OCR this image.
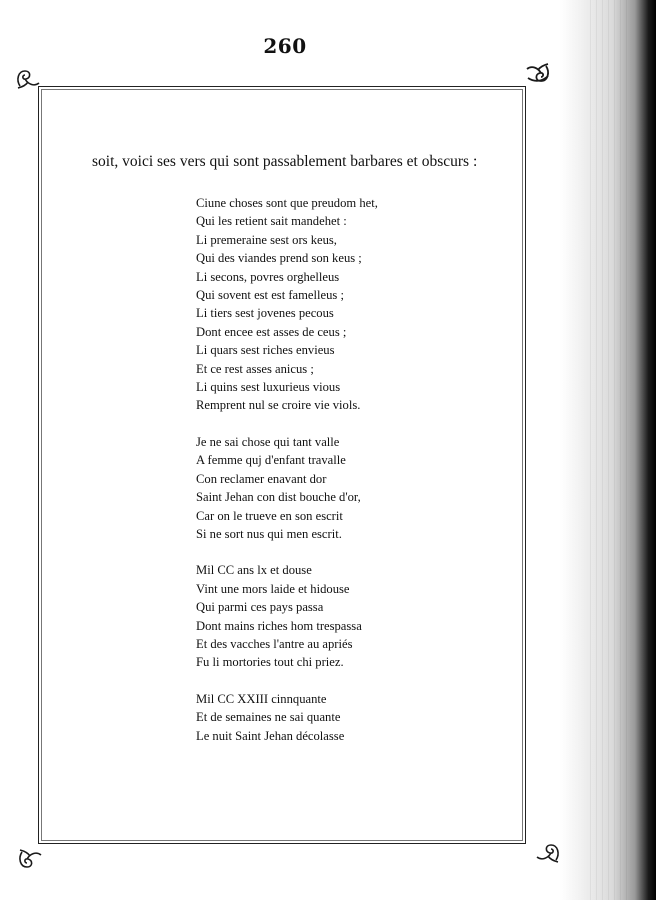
260
soit, voici ses vers qui sont passablement barbares et obscurs :
Ciune choses sont que preudom het,
Qui les retient sait mandehet :
Li premeraine sest ors keus,
Qui des viandes prend son keus ;
Li secons, povres orghelleus
Qui sovent est est famelleus ;
Li tiers sest jovenes pecous
Dont encee est asses de ceus ;
Li quars sest riches envieus
Et ce rest asses anicus ;
Li quins sest luxurieus vious
Remprent nul se croire vie viols.
Je ne sai chose qui tant valle
A femme quj d'enfant travalle
Con reclamer enavant dor
Saint Jehan con dist bouche d'or,
Car on le trueve en son escrit
Si ne sort nus qui men escrit.
Mil CC ans lx et douse
Vint une mors laide et hidouse
Qui parmi ces pays passa
Dont mains riches hom trespassa
Et des vacches l'antre au apriés
Fu li mortories tout chi priez.
Mil CC XXIII cinnquante
Et de semaines ne sai quante
Le nuit Saint Jehan décolasse
